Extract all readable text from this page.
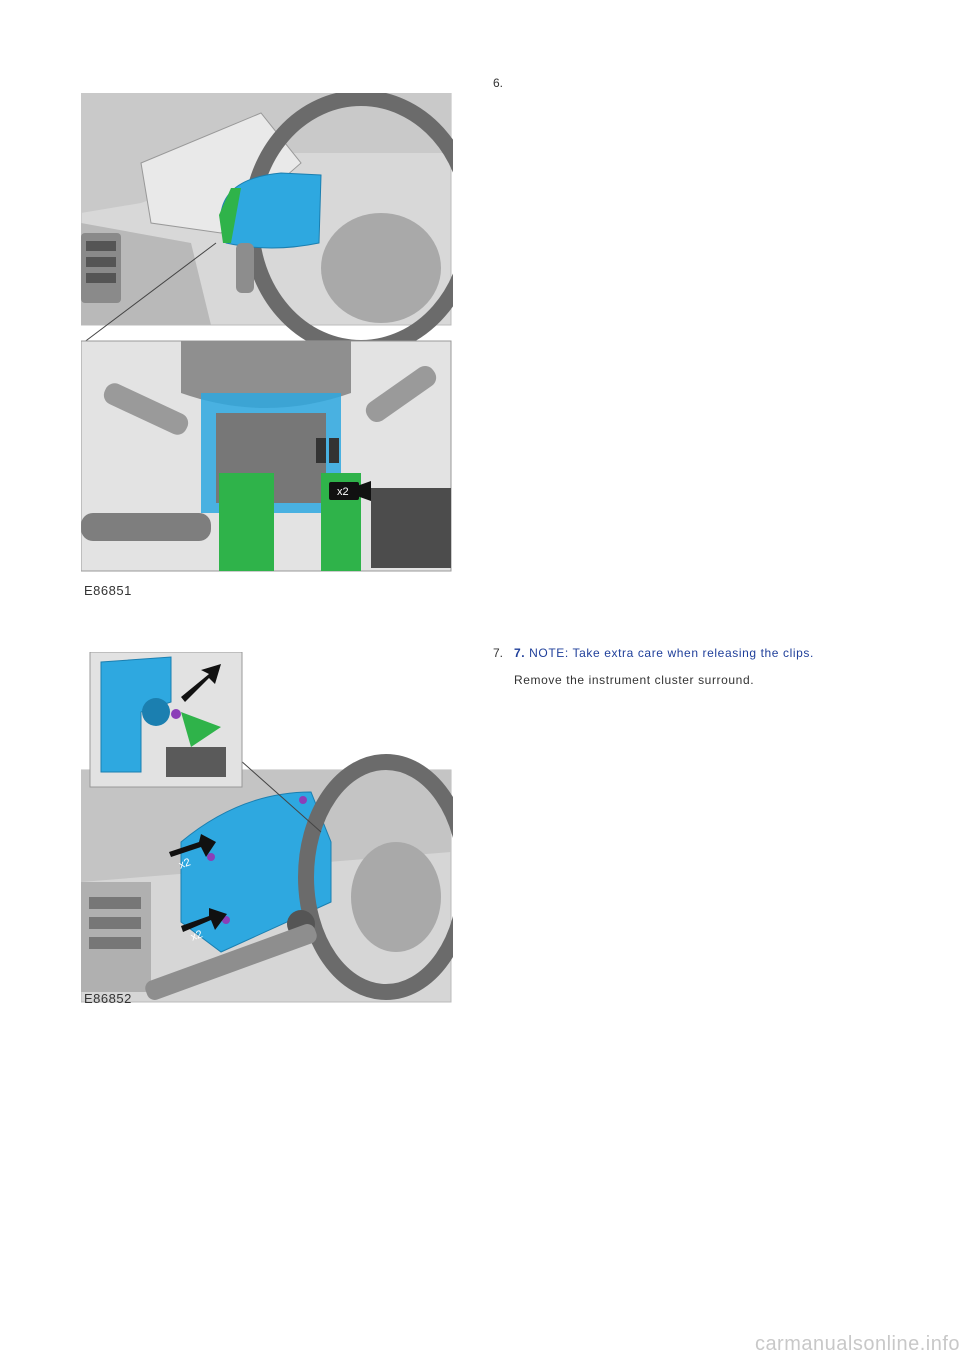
6.
x2
E86851
7. 7. NOTE: Take extra care when releasing the clips.
Remove the instrument cluster surround.
x2
x2
E86852
carmanualsonline.info
